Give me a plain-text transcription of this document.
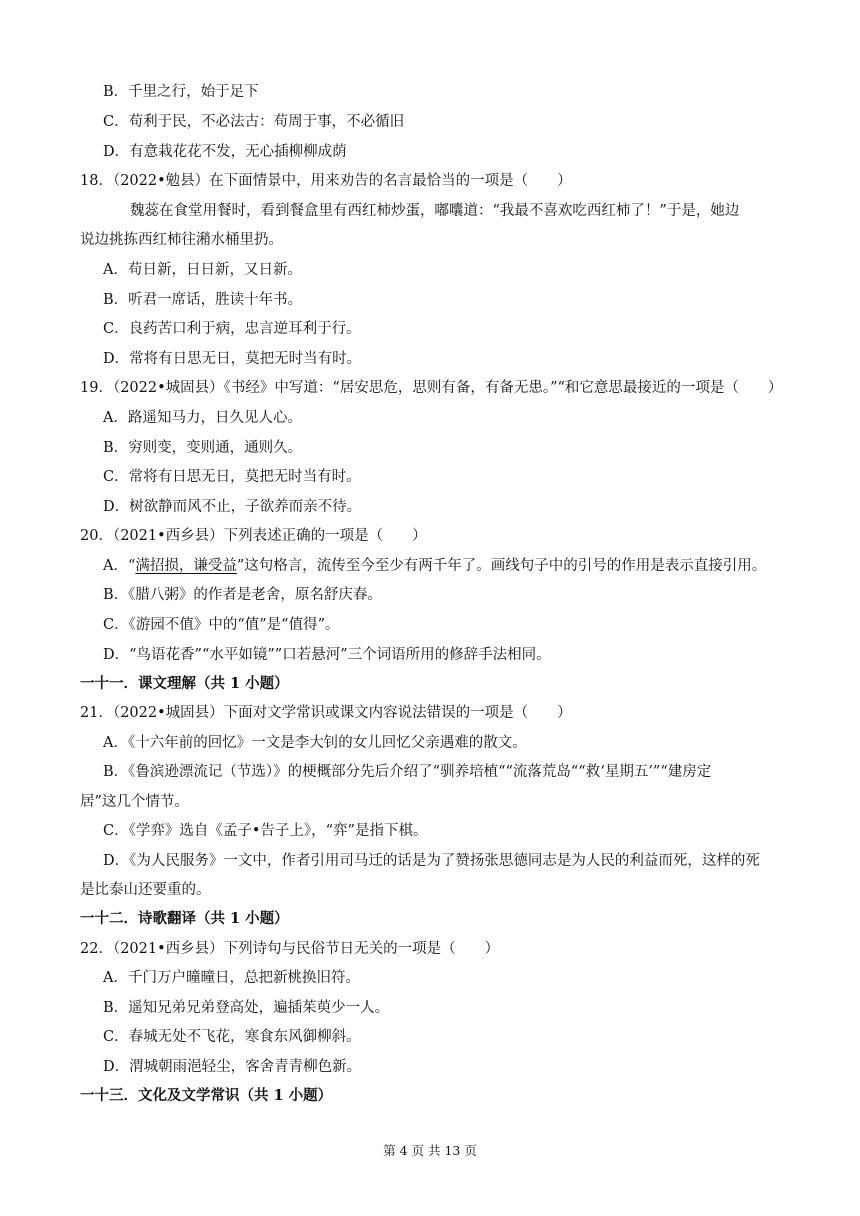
B．千里之行，始于足下
C．苟利于民，不必法古：苟周于事，不必循旧
D．有意栽花花不发，无心插柳柳成荫
18．（2022•勉县）在下面情景中，用来劝告的名言最恰当的一项是（　　）
魏蕊在食堂用餐时，看到餐盒里有西红柿炒蛋，嘟囔道：“我最不喜欢吃西红柿了！”于是，她边
说边挑拣西红柿往潲水桶里扔。
A．苟日新，日日新，又日新。
B．听君一席话，胜读十年书。
C．良药苦口利于病，忠言逆耳利于行。
D．常将有日思无日，莫把无时当有时。
19．（2022•城固县）《书经》中写道：“居安思危，思则有备，有备无患。”“和它意思最接近的一项是（　　）
A．路遥知马力，日久见人心。
B．穷则变，变则通，通则久。
C．常将有日思无日，莫把无时当有时。
D．树欲静而风不止，子欲养而亲不待。
20．（2021•西乡县）下列表述正确的一项是（　　）
A．“满招损，谦受益”这句格言，流传至今至少有两千年了。画线句子中的引号的作用是表示直接引用。
B．《腊八粥》的作者是老舍，原名舒庆春。
C．《游园不值》中的“值”是“值得”。
D．“鸟语花香”“水平如镜””口若悬河”三个词语所用的修辞手法相同。
一十一．课文理解（共 1 小题）
21．（2022•城固县）下面对文学常识或课文内容说法错误的一项是（　　）
A．《十六年前的回忆》一文是李大钊的女儿回忆父亲遇难的散文。
B．《鲁滨逊漂流记（节选）》的梗概部分先后介绍了“驯养培植““流落荒岛““救‘星期五’”“建房定
居”这几个情节。
C．《学弈》选自《孟子•告子上》，“弈”是指下棋。
D．《为人民服务》一文中，作者引用司马迁的话是为了赞扬张思德同志是为人民的利益而死，这样的死
是比泰山还要重的。
一十二．诗歌翻译（共 1 小题）
22．（2021•西乡县）下列诗句与民俗节日无关的一项是（　　）
A．千门万户曈曈日，总把新桃换旧符。
B．遥知兄弟兄弟登高处，遍插茱萸少一人。
C．春城无处不飞花，寒食东风御柳斜。
D．渭城朝雨浥轻尘，客舍青青柳色新。
一十三．文化及文学常识（共 1 小题）
第 4 页 共 13 页
